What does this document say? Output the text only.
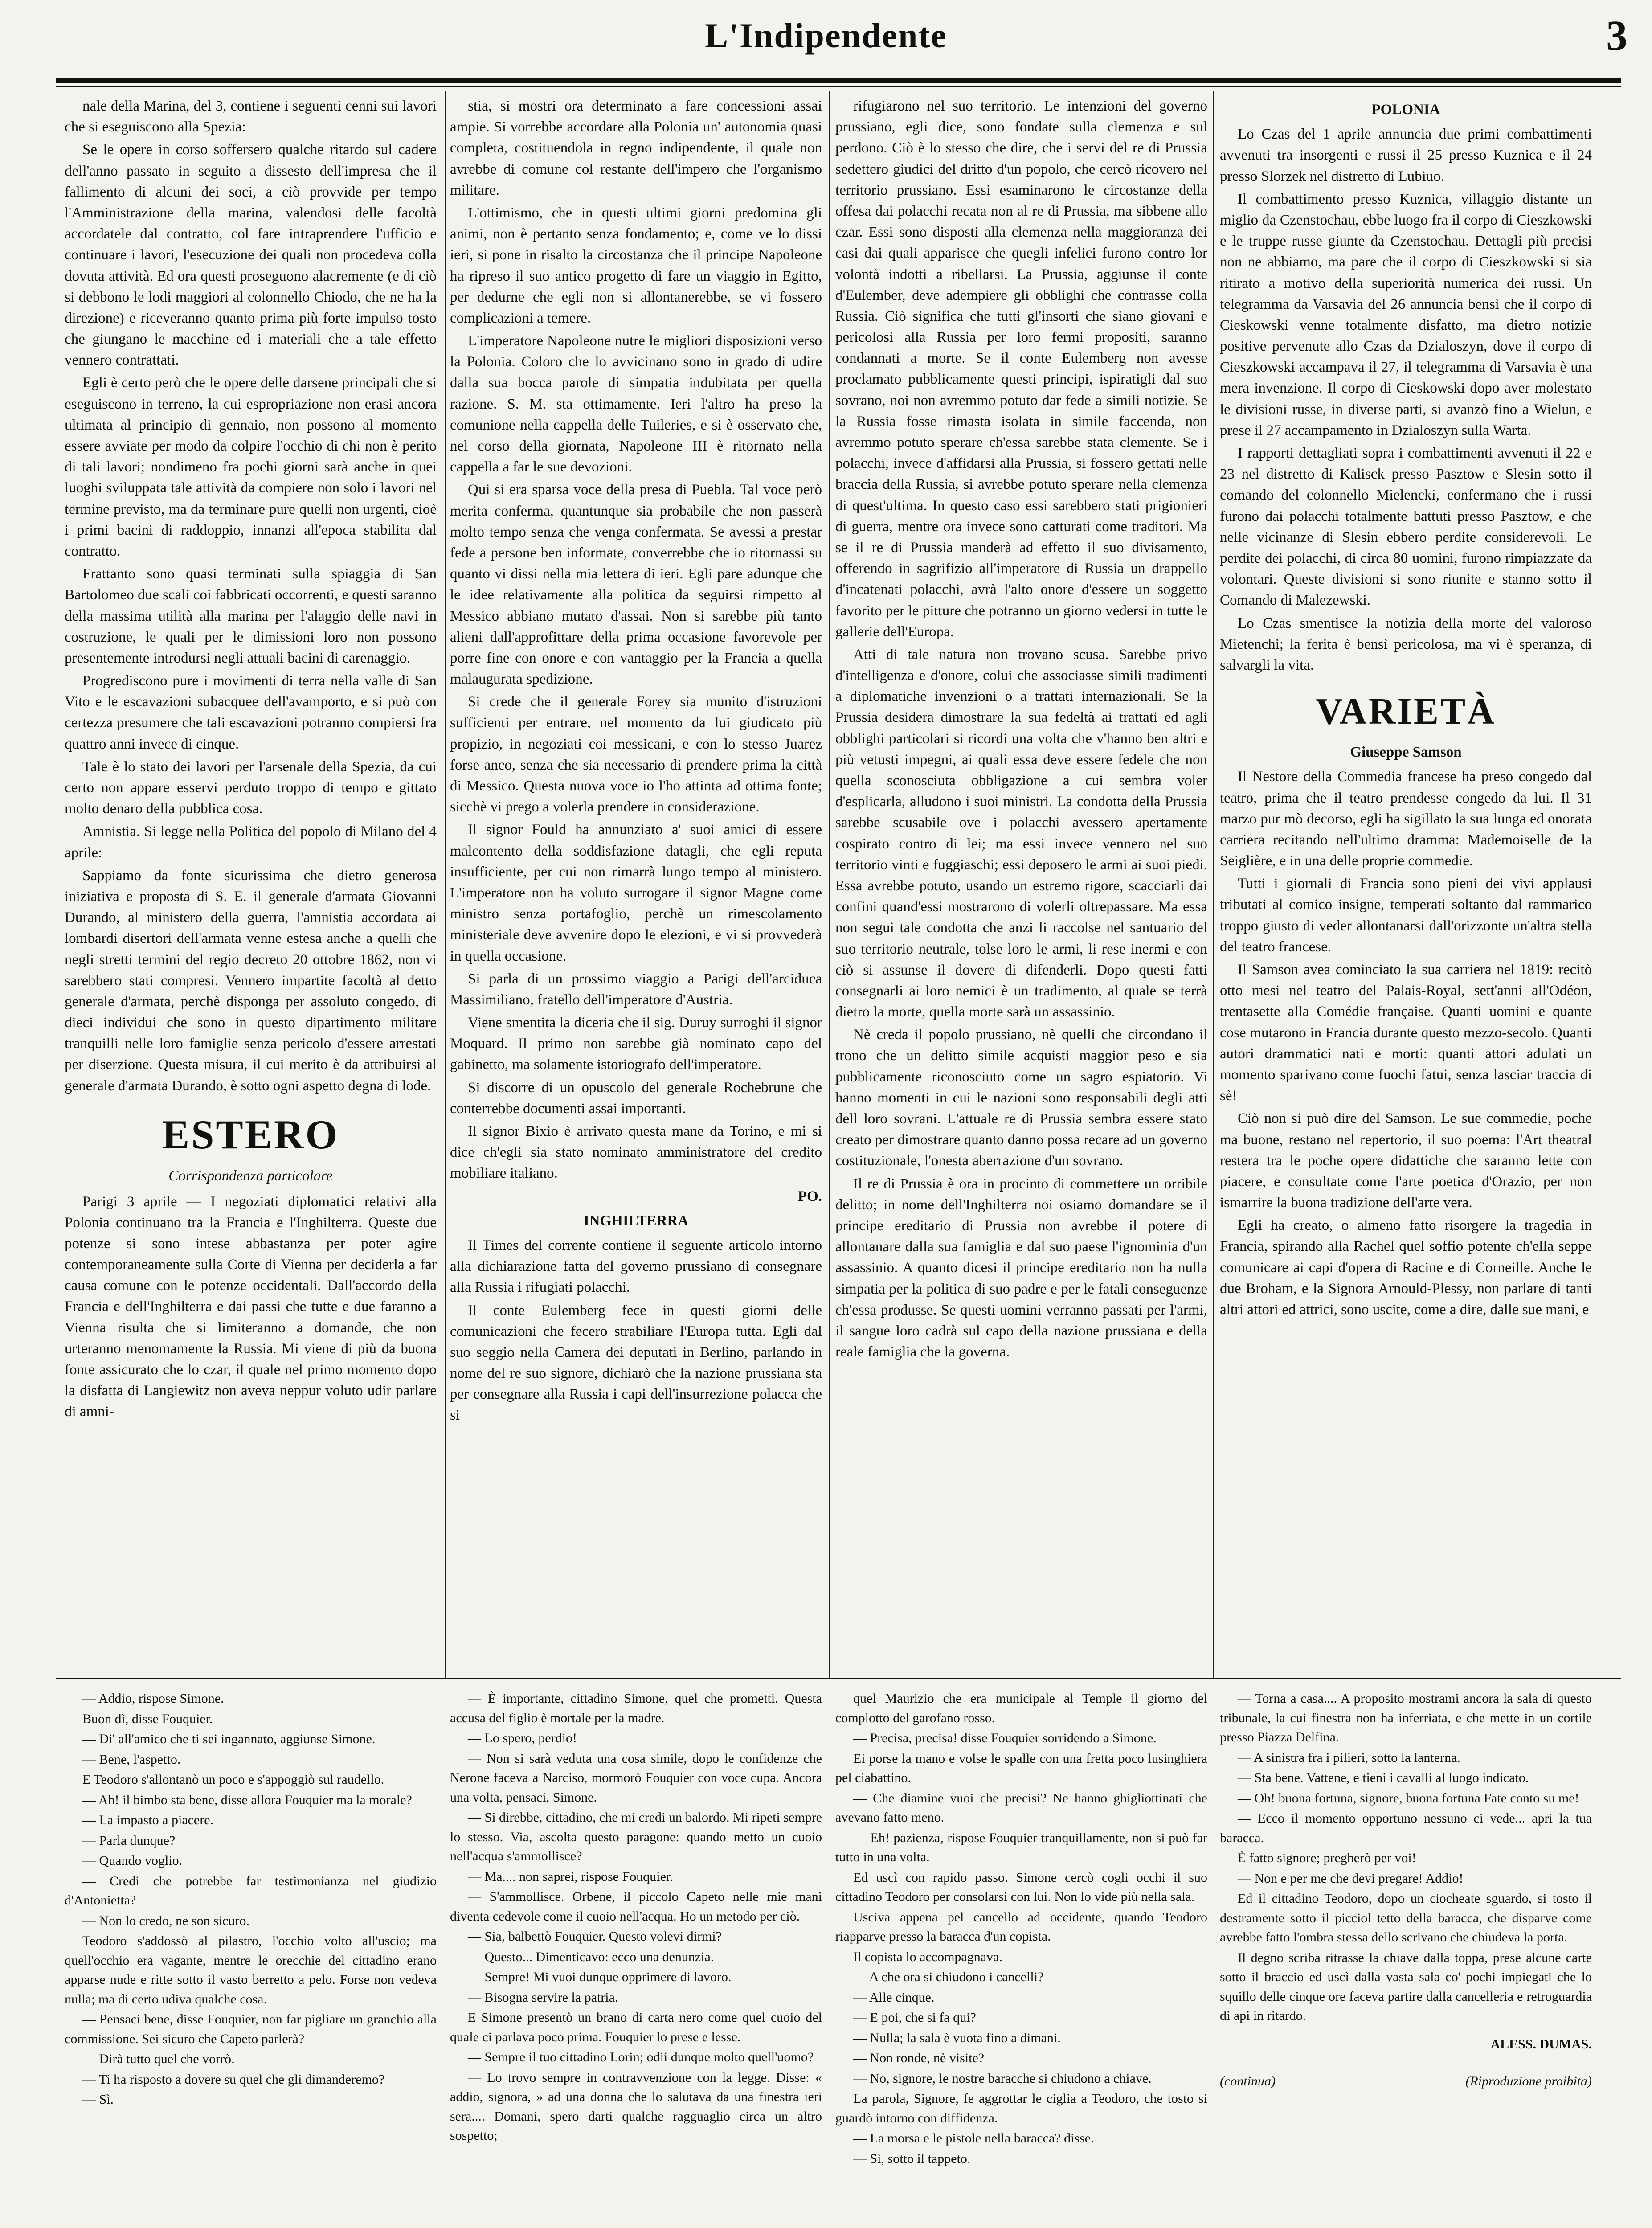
L'Indipendente	3

nale della Marina, del 3, contiene i seguenti cenni sui lavori che si eseguiscono alla Spezia:

Se le opere in corso soffersero qualche ritardo sul cadere dell'anno passato in seguito a dissesto dell'impresa che il fallimento di alcuni dei soci, a ciò provvide per tempo l'Amministrazione della marina, valendosi delle facoltà accordatele dal contratto, col fare intraprendere l'ufficio e continuare i lavori, l'esecuzione dei quali non procedeva colla dovuta attività. Ed ora questi proseguono alacremente (e di ciò si debbono le lodi maggiori al colonnello Chiodo, che ne ha la direzione) e riceveranno quanto prima più forte impulso tosto che giungano le macchine ed i materiali che a tale effetto vennero contrattati.

Egli è certo però che le opere delle darsene principali che si eseguiscono in terreno, la cui espropriazione non erasi ancora ultimata al principio di gennaio, non possono al momento essere avviate per modo da colpire l'occhio di chi non è perito di tali lavori; nondimeno fra pochi giorni sarà anche in quei luoghi sviluppata tale attività da compiere non solo i lavori nel termine previsto, ma da terminare pure quelli non urgenti, cioè i primi bacini di raddoppio, innanzi all'epoca stabilita dal contratto.

Frattanto sono quasi terminati sulla spiaggia di San Bartolomeo due scali coi fabbricati occorrenti, e questi saranno della massima utilità alla marina per l'alaggio delle navi in costruzione, le quali per le dimissioni loro non possono presentemente introdursi negli attuali bacini di carenaggio.

Progrediscono pure i movimenti di terra nella valle di San Vito e le escavazioni subacquee dell'avamporto, e si può con certezza presumere che tali escavazioni potranno compiersi fra quattro anni invece di cinque.

Tale è lo stato dei lavori per l'arsenale della Spezia, da cui certo non appare esservi perduto troppo di tempo e gittato molto denaro della pubblica cosa.

Amnistia. Si legge nella Politica del popolo di Milano del 4 aprile:

Sappiamo da fonte sicurissima che dietro generosa iniziativa e proposta di S. E. il generale d'armata Giovanni Durando, al ministero della guerra, l'amnistia accordata ai lombardi disertori dell'armata venne estesa anche a quelli che negli stretti termini del regio decreto 20 ottobre 1862, non vi sarebbero stati compresi. Vennero impartite facoltà al detto generale d'armata, perchè disponga per assoluto congedo, di dieci individui che sono in questo dipartimento militare tranquilli nelle loro famiglie senza pericolo d'essere arrestati per diserzione. Questa misura, il cui merito è da attribuirsi al generale d'armata Durando, è sotto ogni aspetto degna di lode.

ESTERO

Corrispondenza particolare

Parigi 3 aprile — I negoziati diplomatici relativi alla Polonia continuano tra la Francia e l'Inghilterra. Queste due potenze si sono intese abbastanza per poter agire contemporaneamente sulla Corte di Vienna per deciderla a far causa comune con le potenze occidentali. Dall'accordo della Francia e dell'Inghilterra e dai passi che tutte e due faranno a Vienna risulta che si limiteranno a domande, che non urteranno menomamente la Russia. Mi viene di più da buona fonte assicurato che lo czar, il quale nel primo momento dopo la disfatta di Langiewitz non aveva neppur voluto udir parlare di amni-

stia, si mostri ora determinato a fare concessioni assai ampie. Si vorrebbe accordare alla Polonia un' autonomia quasi completa, costituendola in regno indipendente, il quale non avrebbe di comune col restante dell'impero che l'organismo militare.

L'ottimismo, che in questi ultimi giorni predomina gli animi, non è pertanto senza fondamento; e, come ve lo dissi ieri, si pone in risalto la circostanza che il principe Napoleone ha ripreso il suo antico progetto di fare un viaggio in Egitto, per dedurne che egli non si allontanerebbe, se vi fossero complicazioni a temere.

L'imperatore Napoleone nutre le migliori disposizioni verso la Polonia. Coloro che lo avvicinano sono in grado di udire dalla sua bocca parole di simpatia indubitata per quella razione. S. M. sta ottimamente. Ieri l'altro ha preso la comunione nella cappella delle Tuileries, e si è osservato che, nel corso della giornata, Napoleone III è ritornato nella cappella a far le sue devozioni.

Qui si era sparsa voce della presa di Puebla. Tal voce però merita conferma, quantunque sia probabile che non passerà molto tempo senza che venga confermata. Se avessi a prestar fede a persone ben informate, converrebbe che io ritornassi su quanto vi dissi nella mia lettera di ieri. Egli pare adunque che le idee relativamente alla politica da seguirsi rimpetto al Messico abbiano mutato d'assai. Non si sarebbe più tanto alieni dall'approfittare della prima occasione favorevole per porre fine con onore e con vantaggio per la Francia a quella malaugurata spedizione.

Si crede che il generale Forey sia munito d'istruzioni sufficienti per entrare, nel momento da lui giudicato più propizio, in negoziati coi messicani, e con lo stesso Juarez forse anco, senza che sia necessario di prendere prima la città di Messico. Questa nuova voce io l'ho attinta ad ottima fonte; sicchè vi prego a volerla prendere in considerazione.

Il signor Fould ha annunziato a' suoi amici di essere malcontento della soddisfazione datagli, che egli reputa insufficiente, per cui non rimarrà lungo tempo al ministero. L'imperatore non ha voluto surrogare il signor Magne come ministro senza portafoglio, perchè un rimescolamento ministeriale deve avvenire dopo le elezioni, e vi si provvederà in quella occasione.

Si parla di un prossimo viaggio a Parigi dell'arciduca Massimiliano, fratello dell'imperatore d'Austria.

Viene smentita la diceria che il sig. Duruy surroghi il signor Moquard. Il primo non sarebbe già nominato capo del gabinetto, ma solamente istoriografo dell'imperatore.

Si discorre di un opuscolo del generale Rochebrune che conterrebbe documenti assai importanti.

Il signor Bixio è arrivato questa mane da Torino, e mi si dice ch'egli sia stato nominato amministratore del credito mobiliare italiano.

PO.

INGHILTERRA

Il Times del corrente contiene il seguente articolo intorno alla dichiarazione fatta del governo prussiano di consegnare alla Russia i rifugiati polacchi.

Il conte Eulemberg fece in questi giorni delle comunicazioni che fecero strabiliare l'Europa tutta. Egli dal suo seggio nella Camera dei deputati in Berlino, parlando in nome del re suo signore, dichiarò che la nazione prussiana sta per consegnare alla Russia i capi dell'insurrezione polacca che si

rifugiarono nel suo territorio. Le intenzioni del governo prussiano, egli dice, sono fondate sulla clemenza e sul perdono. Ciò è lo stesso che dire, che i servi del re di Prussia sedettero giudici del dritto d'un popolo, che cercò ricovero nel territorio prussiano. Essi esaminarono le circostanze della offesa dai polacchi recata non al re di Prussia, ma sibbene allo czar. Essi sono disposti alla clemenza nella maggioranza dei casi dai quali apparisce che quegli infelici furono contro lor volontà indotti a ribellarsi. La Prussia, aggiunse il conte d'Eulember, deve adempiere gli obblighi che contrasse colla Russia. Ciò significa che tutti gl'insorti che siano giovani e pericolosi alla Russia per loro fermi propositi, saranno condannati a morte. Se il conte Eulemberg non avesse proclamato pubblicamente questi principi, ispiratigli dal suo sovrano, noi non avremmo potuto dar fede a simili notizie. Se la Russia fosse rimasta isolata in simile faccenda, non avremmo potuto sperare ch'essa sarebbe stata clemente. Se i polacchi, invece d'affidarsi alla Prussia, si fossero gettati nelle braccia della Russia, si avrebbe potuto sperare nella clemenza di quest'ultima. In questo caso essi sarebbero stati prigionieri di guerra, mentre ora invece sono catturati come traditori. Ma se il re di Prussia manderà ad effetto il suo divisamento, offerendo in sagrifizio all'imperatore di Russia un drappello d'incatenati polacchi, avrà l'alto onore d'essere un soggetto favorito per le pitture che potranno un giorno vedersi in tutte le gallerie dell'Europa.

Atti di tale natura non trovano scusa. Sarebbe privo d'intelligenza e d'onore, colui che associasse simili tradimenti a diplomatiche invenzioni o a trattati internazionali. Se la Prussia desidera dimostrare la sua fedeltà ai trattati ed agli obblighi particolari si ricordi una volta che v'hanno ben altri e più vetusti impegni, ai quali essa deve essere fedele che non quella sconosciuta obbligazione a cui sembra voler d'esplicarla, alludono i suoi ministri. La condotta della Prussia sarebbe scusabile ove i polacchi avessero apertamente cospirato contro di lei; ma essi invece vennero nel suo territorio vinti e fuggiaschi; essi deposero le armi ai suoi piedi. Essa avrebbe potuto, usando un estremo rigore, scacciarli dai confini quand'essi mostrarono di volerli oltrepassare. Ma essa non segui tale condotta che anzi li raccolse nel santuario del suo territorio neutrale, tolse loro le armi, li rese inermi e con ciò si assunse il dovere di difenderli. Dopo questi fatti consegnarli ai loro nemici è un tradimento, al quale se terrà dietro la morte, quella morte sarà un assassinio.

Nè creda il popolo prussiano, nè quelli che circondano il trono che un delitto simile acquisti maggior peso e sia pubblicamente riconosciuto come un sagro espiatorio. Vi hanno momenti in cui le nazioni sono responsabili degli atti dell loro sovrani. L'attuale re di Prussia sembra essere stato creato per dimostrare quanto danno possa recare ad un governo costituzionale, l'onesta aberrazione d'un sovrano.

Il re di Prussia è ora in procinto di commettere un orribile delitto; in nome dell'Inghilterra noi osiamo domandare se il principe ereditario di Prussia non avrebbe il potere di allontanare dalla sua famiglia e dal suo paese l'ignominia d'un assassinio. A quanto dicesi il principe ereditario non ha nulla simpatia per la politica di suo padre e per le fatali conseguenze ch'essa produsse. Se questi uomini verranno passati per l'armi, il sangue loro cadrà sul capo della nazione prussiana e della reale famiglia che la governa.

POLONIA

Lo Czas del 1 aprile annuncia due primi combattimenti avvenuti tra insorgenti e russi il 25 presso Kuznica e il 24 presso Slorzek nel distretto di Lubiuo.

Il combattimento presso Kuznica, villaggio distante un miglio da Czenstochau, ebbe luogo fra il corpo di Cieszkowski e le truppe russe giunte da Czenstochau. Dettagli più precisi non ne abbiamo, ma pare che il corpo di Cieszkowski si sia ritirato a motivo della superiorità numerica dei russi. Un telegramma da Varsavia del 26 annuncia bensì che il corpo di Cieskowski venne totalmente disfatto, ma dietro notizie positive pervenute allo Czas da Dzialoszyn, dove il corpo di Cieszkowski accampava il 27, il telegramma di Varsavia è una mera invenzione. Il corpo di Cieskowski dopo aver molestato le divisioni russe, in diverse parti, si avanzò fino a Wielun, e prese il 27 accampamento in Dzialoszyn sulla Warta.

I rapporti dettagliati sopra i combattimenti avvenuti il 22 e 23 nel distretto di Kalisck presso Pasztow e Slesin sotto il comando del colonnello Mielencki, confermano che i russi furono dai polacchi totalmente battuti presso Pasztow, e che nelle vicinanze di Slesin ebbero perdite considerevoli. Le perdite dei polacchi, di circa 80 uomini, furono rimpiazzate da volontari. Queste divisioni si sono riunite e stanno sotto il Comando di Malezewski.

Lo Czas smentisce la notizia della morte del valoroso Mietenchi; la ferita è bensì pericolosa, ma vi è speranza, di salvargli la vita.

VARIETÀ

Giuseppe Samson

Il Nestore della Commedia francese ha preso congedo dal teatro, prima che il teatro prendesse congedo da lui. Il 31 marzo pur mò decorso, egli ha sigillato la sua lunga ed onorata carriera recitando nell'ultimo dramma: Mademoiselle de la Seiglière, e in una delle proprie commedie.

Tutti i giornali di Francia sono pieni dei vivi applausi tributati al comico insigne, temperati soltanto dal rammarico troppo giusto di veder allontanarsi dall'orizzonte un'altra stella del teatro francese.

Il Samson avea cominciato la sua carriera nel 1819: recitò otto mesi nel teatro del Palais-Royal, sett'anni all'Odéon, trentasette alla Comédie française. Quanti uomini e quante cose mutarono in Francia durante questo mezzo-secolo. Quanti autori drammatici nati e morti: quanti attori adulati un momento sparivano come fuochi fatui, senza lasciar traccia di sè!

Ciò non si può dire del Samson. Le sue commedie, poche ma buone, restano nel repertorio, il suo poema: l'Art theatral restera tra le poche opere didattiche che saranno lette con piacere, e consultate come l'arte poetica d'Orazio, per non ismarrire la buona tradizione dell'arte vera.

Egli ha creato, o almeno fatto risorgere la tragedia in Francia, spirando alla Rachel quel soffio potente ch'ella seppe comunicare ai capi d'opera di Racine e di Corneille. Anche le due Broham, e la Signora Arnould-Plessy, non parlare di tanti altri attori ed attrici, sono uscite, come a dire, dalle sue mani, e

— Addio, rispose Simone.

Buon dì, disse Fouquier.

— Di' all'amico che ti sei ingannato, aggiunse Simone.

— Bene, l'aspetto.

E Teodoro s'allontanò un poco e s'appoggiò sul raudello.

— Ah! il bimbo sta bene, disse allora Fouquier ma la morale?

— La impasto a piacere.

— Parla dunque?

— Quando voglio.

— Credi che potrebbe far testimonianza nel giudizio d'Antonietta?

— Non lo credo, ne son sicuro.

Teodoro s'addossò al pilastro, l'occhio volto all'uscio; ma quell'occhio era vagante, mentre le orecchie del cittadino erano apparse nude e ritte sotto il vasto berretto a pelo. Forse non vedeva nulla; ma di certo udiva qualche cosa.

— Pensaci bene, disse Fouquier, non far pigliare un granchio alla commissione. Sei sicuro che Capeto parlerà?

— Dirà tutto quel che vorrò.

— Ti ha risposto a dovere su quel che gli dimanderemo?

— Sì.

— È importante, cittadino Simone, quel che prometti. Questa accusa del figlio è mortale per la madre.

— Lo spero, perdio!

— Non si sarà veduta una cosa simile, dopo le confidenze che Nerone faceva a Narciso, mormorò Fouquier con voce cupa. Ancora una volta, pensaci, Simone.

— Si direbbe, cittadino, che mi credi un balordo. Mi ripeti sempre lo stesso. Via, ascolta questo paragone: quando metto un cuoio nell'acqua s'ammollisce?

— Ma.... non saprei, rispose Fouquier.

— S'ammollisce. Orbene, il piccolo Capeto nelle mie mani diventa cedevole come il cuoio nell'acqua. Ho un metodo per ciò.

— Sia, balbettò Fouquier. Questo volevi dirmi?

— Questo... Dimenticavo: ecco una denunzia.

— Sempre! Mi vuoi dunque opprimere di lavoro.

— Bisogna servire la patria.

E Simone presentò un brano di carta nero come quel cuoio del quale ci parlava poco prima. Fouquier lo prese e lesse.

— Sempre il tuo cittadino Lorin; odii dunque molto quell'uomo?

— Lo trovo sempre in contravvenzione con la legge. Disse: « addio, signora, » ad una donna che lo salutava da una finestra ieri sera.... Domani, spero darti qualche ragguaglio circa un altro sospetto;

quel Maurizio che era municipale al Temple il giorno del complotto del garofano rosso.

— Precisa, precisa! disse Fouquier sorridendo a Simone.

Ei porse la mano e volse le spalle con una fretta poco lusinghiera pel ciabattino.

— Che diamine vuoi che precisi? Ne hanno ghigliottinati che avevano fatto meno.

— Eh! pazienza, rispose Fouquier tranquillamente, non si può far tutto in una volta.

Ed uscì con rapido passo. Simone cercò cogli occhi il suo cittadino Teodoro per consolarsi con lui. Non lo vide più nella sala.

Usciva appena pel cancello ad occidente, quando Teodoro riapparve presso la baracca d'un copista.

Il copista lo accompagnava.

— A che ora si chiudono i cancelli?

— Alle cinque.

— E poi, che si fa qui?

— Nulla; la sala è vuota fino a dimani.

— Non ronde, nè visite?

— No, signore, le nostre baracche si chiudono a chiave.

La parola, Signore, fe aggrottar le ciglia a Teodoro, che tosto si guardò intorno con diffidenza.

— La morsa e le pistole nella baracca? disse.

— Sì, sotto il tappeto.

— Torna a casa.... A proposito mostrami ancora la sala di questo tribunale, la cui finestra non ha inferriata, e che mette in un cortile presso Piazza Delfina.

— A sinistra fra i pilieri, sotto la lanterna.

— Sta bene. Vattene, e tieni i cavalli al luogo indicato.

— Oh! buona fortuna, signore, buona fortuna Fate conto su me!

— Ecco il momento opportuno nessuno ci vede... apri la tua baracca.

È fatto signore; pregherò per voi!

— Non e per me che devi pregare! Addio!

Ed il cittadino Teodoro, dopo un ciocheate sguardo, si tosto il destramente sotto il picciol tetto della baracca, che disparve come avrebbe fatto l'ombra stessa dello scrivano che chiudeva la porta.

Il degno scriba ritrasse la chiave dalla toppa, prese alcune carte sotto il braccio ed uscì dalla vasta sala co' pochi impiegati che lo squillo delle cinque ore faceva partire dalla cancelleria e retroguardia di api in ritardo.

ALESS. DUMAS.

(continua)	(Riproduzione proibita)
